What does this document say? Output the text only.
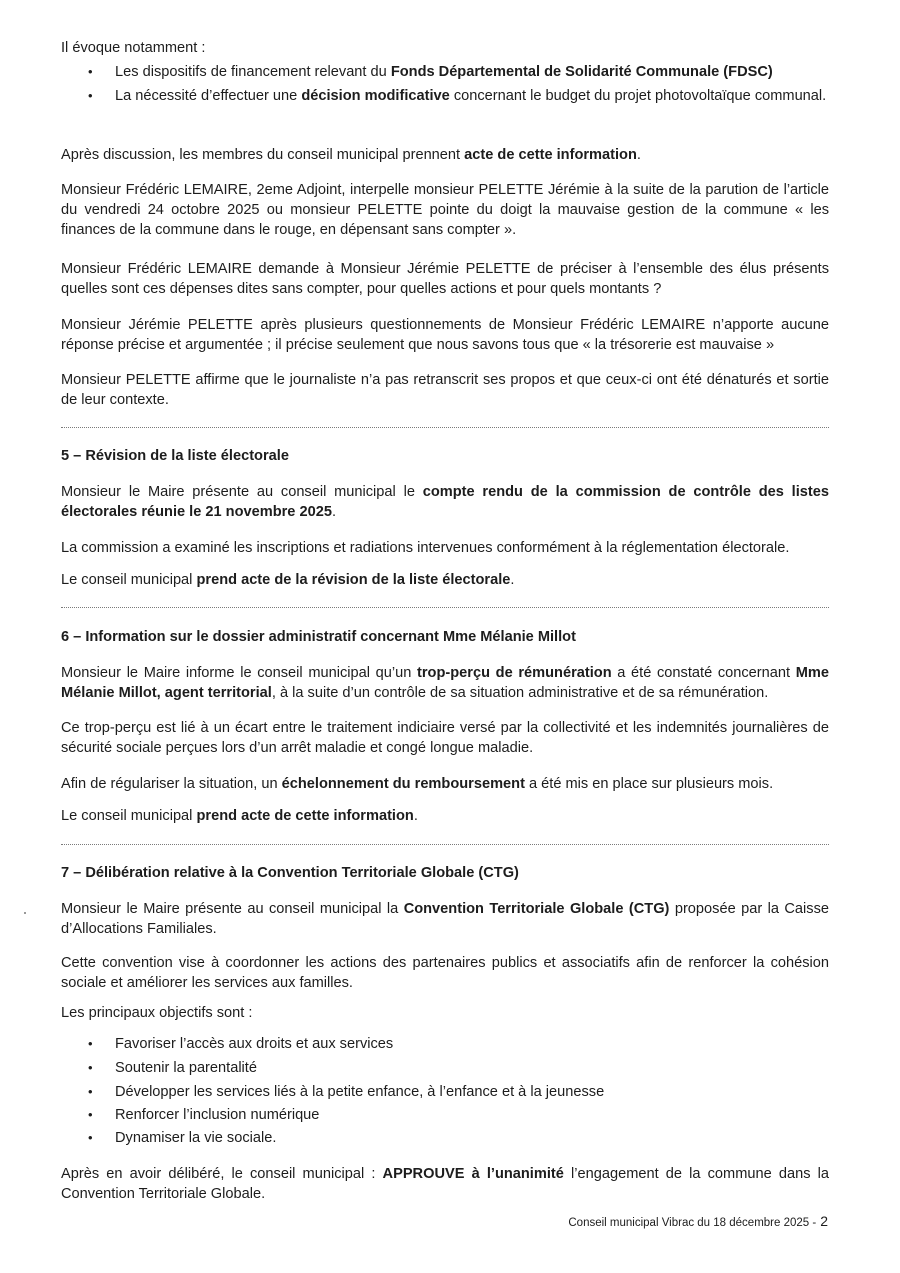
Il évoque notamment :

•	Les dispositifs de financement relevant du Fonds Départemental de Solidarité Communale (FDSC)

•	La nécessité d’effectuer une décision modificative concernant le budget du projet photovoltaïque communal.

Après discussion, les membres du conseil municipal prennent acte de cette information.

Monsieur Frédéric LEMAIRE, 2eme Adjoint, interpelle monsieur PELETTE Jérémie à la suite de la parution de l’article du vendredi 24 octobre 2025 ou monsieur PELETTE pointe du doigt la mauvaise gestion de la commune « les finances de la commune dans le rouge, en dépensant sans compter ».

Monsieur Frédéric LEMAIRE demande à Monsieur Jérémie PELETTE de préciser à l’ensemble des élus présents quelles sont ces dépenses dites sans compter, pour quelles actions et pour quels montants ?

Monsieur Jérémie PELETTE après plusieurs questionnements de Monsieur Frédéric LEMAIRE n’apporte aucune réponse précise et argumentée ; il précise seulement que nous savons tous que « la trésorerie est mauvaise »

Monsieur PELETTE affirme que le journaliste n’a pas retranscrit ses propos et que ceux-ci ont été dénaturés et sortie de leur contexte.

5 – Révision de la liste électorale

Monsieur le Maire présente au conseil municipal le compte rendu de la commission de contrôle des listes électorales réunie le 21 novembre 2025.

La commission a examiné les inscriptions et radiations intervenues conformément à la réglementation électorale.

Le conseil municipal prend acte de la révision de la liste électorale.

6 – Information sur le dossier administratif concernant Mme Mélanie Millot

Monsieur le Maire informe le conseil municipal qu’un trop-perçu de rémunération a été constaté concernant Mme Mélanie Millot, agent territorial, à la suite d’un contrôle de sa situation administrative et de sa rémunération.

Ce trop-perçu est lié à un écart entre le traitement indiciaire versé par la collectivité et les indemnités journalières de sécurité sociale perçues lors d’un arrêt maladie et congé longue maladie.

Afin de régulariser la situation, un échelonnement du remboursement a été mis en place sur plusieurs mois.

Le conseil municipal prend acte de cette information.

7 – Délibération relative à la Convention Territoriale Globale (CTG)

Monsieur le Maire présente au conseil municipal la Convention Territoriale Globale (CTG) proposée par la Caisse d’Allocations Familiales.

Cette convention vise à coordonner les actions des partenaires publics et associatifs afin de renforcer la cohésion sociale et améliorer les services aux familles.

Les principaux objectifs sont :

•	Favoriser l’accès aux droits et aux services

•	Soutenir la parentalité

•	Développer les services liés à la petite enfance, à l’enfance et à la jeunesse

•	Renforcer l’inclusion numérique

•	Dynamiser la vie sociale.

Après en avoir délibéré, le conseil municipal : APPROUVE à l’unanimité l’engagement de la commune dans la Convention Territoriale Globale.

Conseil municipal Vibrac du 18 décembre 2025 - 2
